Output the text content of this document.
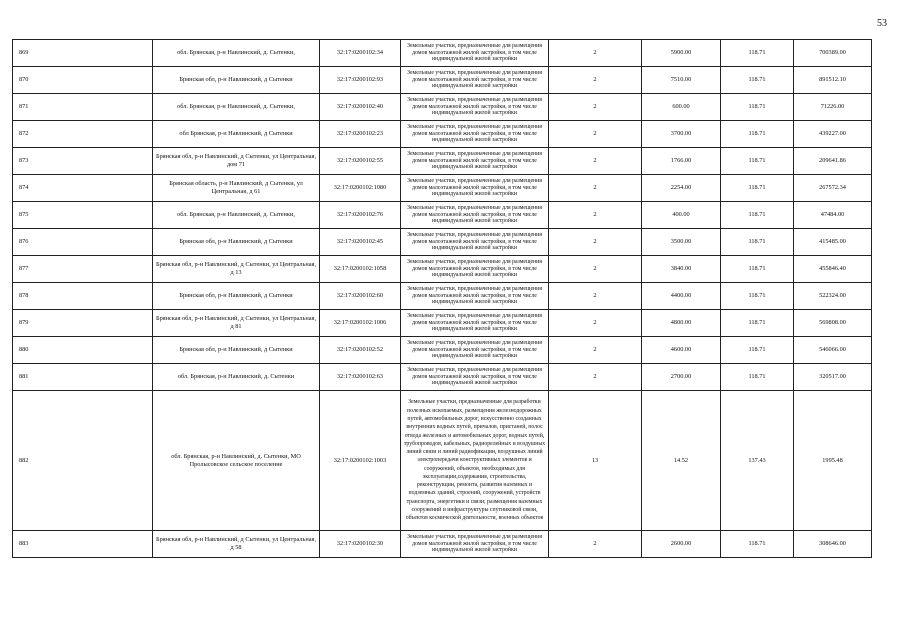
53
869	обл. Брянская, р-н Навлинский, д. Сытенки,	32:17:0200102:34	Земельные участки, предназначенные для размещения домов малоэтажной жилой застройки, в том числе индивидуальной жилой застройки	2	5900.00	118.71	700389.00
870	Брянская обл, р-н Навлинский, д Сытенки	32:17:0200102:93	Земельные участки, предназначенные для размещения домов малоэтажной жилой застройки, в том числе индивидуальной жилой застройки	2	7510.00	118.71	891512.10
871	обл. Брянская, р-н Навлинский, д. Сытенки,	32:17:0200102:40	Земельные участки, предназначенные для размещения домов малоэтажной жилой застройки, в том числе индивидуальной жилой застройки	2	600.00	118.71	71226.00
872	обл Брянская, р-н Навлинский, д Сытенки	32:17:0200102:23	Земельные участки, предназначенные для размещения домов малоэтажной жилой застройки, в том числе индивидуальной жилой застройки	2	3700.00	118.71	439227.00
873	Брянская обл, р-н Навлинский, д Сытенки, ул Центральная, дом 71	32:17:0200102:55	Земельные участки, предназначенные для размещения домов малоэтажной жилой застройки, в том числе индивидуальной жилой застройки	2	1766.00	118.71	209641.86
874	Брянская область, р-н Навлинский, д Сытенки, ул Центральная, д 61	32:17:0200102:1080	Земельные участки, предназначенные для размещения домов малоэтажной жилой застройки, в том числе индивидуальной жилой застройки	2	2254.00	118.71	267572.34
875	обл. Брянская, р-н Навлинский, д. Сытенки,	32:17:0200102:76	Земельные участки, предназначенные для размещения домов малоэтажной жилой застройки, в том числе индивидуальной жилой застройки	2	400.00	118.71	47484.00
876	Брянская обл, р-н Навлинский, д Сытенки	32:17:0200102:45	Земельные участки, предназначенные для размещения домов малоэтажной жилой застройки, в том числе индивидуальной жилой застройки	2	3500.00	118.71	415485.00
877	Брянская обл, р-н Навлинский, д Сытенки, ул Центральная, д 13	32:17:0200102:1058	Земельные участки, предназначенные для размещения домов малоэтажной жилой застройки, в том числе индивидуальной жилой застройки	2	3840.00	118.71	455846.40
878	Брянская обл, р-н Навлинский, д Сытенки	32:17:0200102:60	Земельные участки, предназначенные для размещения домов малоэтажной жилой застройки, в том числе индивидуальной жилой застройки	2	4400.00	118.71	522324.00
879	Брянская обл, р-н Навлинский, д Сытенки, ул Центральная, д 81	32:17:0200102:1006	Земельные участки, предназначенные для размещения домов малоэтажной жилой застройки, в том числе индивидуальной жилой застройки	2	4800.00	118.71	569808.00
880	Брянская обл, р-н Навлинский, д Сытенки	32:17:0200102:52	Земельные участки, предназначенные для размещения домов малоэтажной жилой застройки, в том числе индивидуальной жилой застройки	2	4600.00	118.71	546066.00
881	обл. Брянская, р-н Навлинский, д. Сытенки	32:17:0200102:63	Земельные участки, предназначенные для размещения домов малоэтажной жилой застройки, в том числе индивидуальной жилой застройки	2	2700.00	118.71	320517.00
882	обл. Брянская, р-н Навлинский, д. Сытенки, МО Пролысовское сельское поселение	32:17:0200102:1003	Земельные участки, предназначенные для разработки полезных ископаемых, размещения железнодорожных путей, автомобильных дорог, искусственно созданных внутренних водных путей, причалов, пристаней, полос отвода железных и автомобильных дорог, водных путей, трубопроводов, кабельных, радиорелейных и воздушных линий связи и линий радиофикации, воздушных линий электропередачи конструктивных элементов и сооружений, объектов, необходимых для эксплуатации,содержания, строительства, реконструкции, ремонта, развития наземных и подземных зданий, строений, сооружений, устройств транспорта, энергетики и связи; размещения наземных сооружений и инфраструктуры спутниковой связи, объектов космической деятельности, военных объектов	13	14.52	137.43	1995.48
883	Брянская обл, р-н Навлинский, д Сытенки, ул Центральная, д 58	32:17:0200102:30	Земельные участки, предназначенные для размещения домов малоэтажной жилой застройки, в том числе индивидуальной жилой застройки	2	2600.00	118.71	308646.00
